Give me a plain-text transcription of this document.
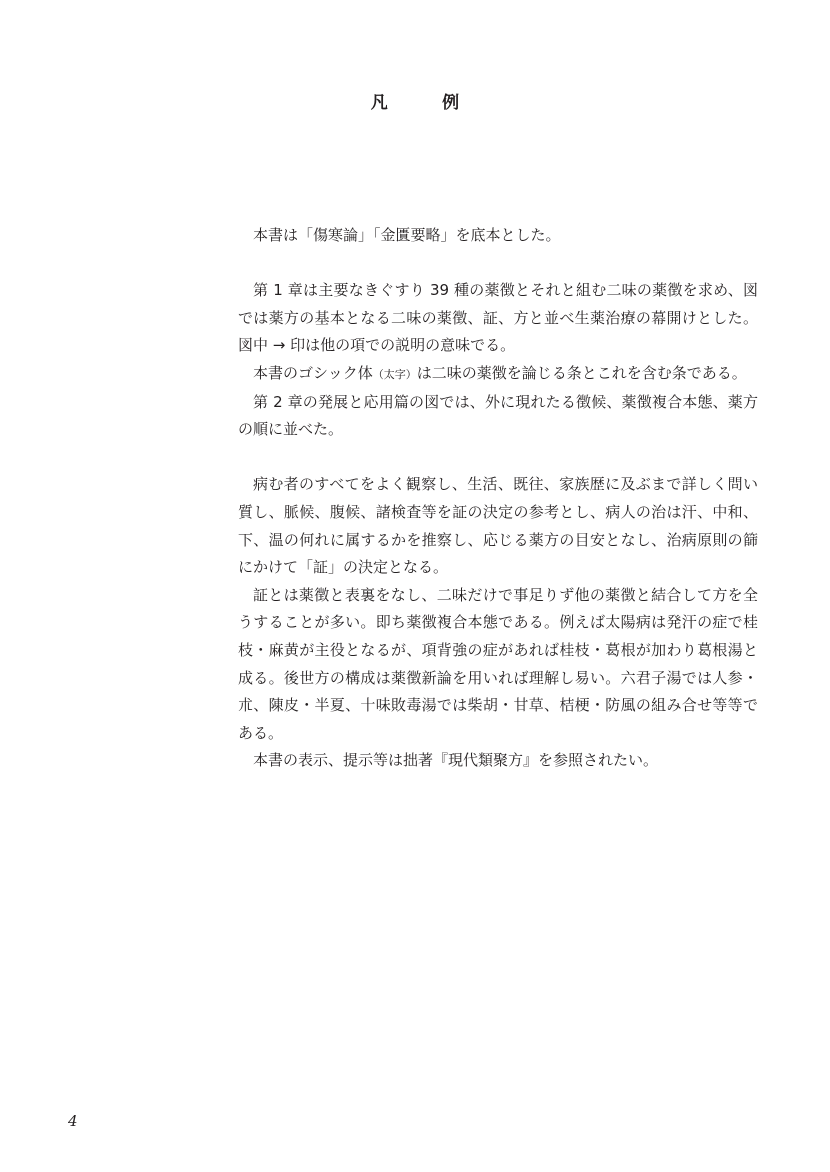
凡　例

本書は「傷寒論」「金匱要略」を底本とした。

第 1 章は主要なきぐすり 39 種の薬徴とそれと組む二味の薬徴を求め、図では薬方の基本となる二味の薬徴、証、方と並べ生薬治療の幕開けとした。図中 → 印は他の項での説明の意味でる。

本書のゴシック体（太字）は二味の薬徴を論じる条とこれを含む条である。

第 2 章の発展と応用篇の図では、外に現れたる徴候、薬徴複合本態、薬方の順に並べた。

病む者のすべてをよく観察し、生活、既往、家族歴に及ぶまで詳しく問い質し、脈候、腹候、諸検査等を証の決定の参考とし、病人の治は汗、中和、下、温の何れに属するかを推察し、応じる薬方の目安となし、治病原則の篩にかけて「証」の決定となる。

証とは薬徴と表裏をなし、二味だけで事足りず他の薬徴と結合して方を全うすることが多い。即ち薬徴複合本態である。例えば太陽病は発汗の症で桂枝・麻黄が主役となるが、項背強の症があれば桂枝・葛根が加わり葛根湯と成る。後世方の構成は薬徴新論を用いれば理解し易い。六君子湯では人参・朮、陳皮・半夏、十味敗毒湯では柴胡・甘草、桔梗・防風の組み合せ等等である。

本書の表示、提示等は拙著『現代類聚方』を参照されたい。

4
